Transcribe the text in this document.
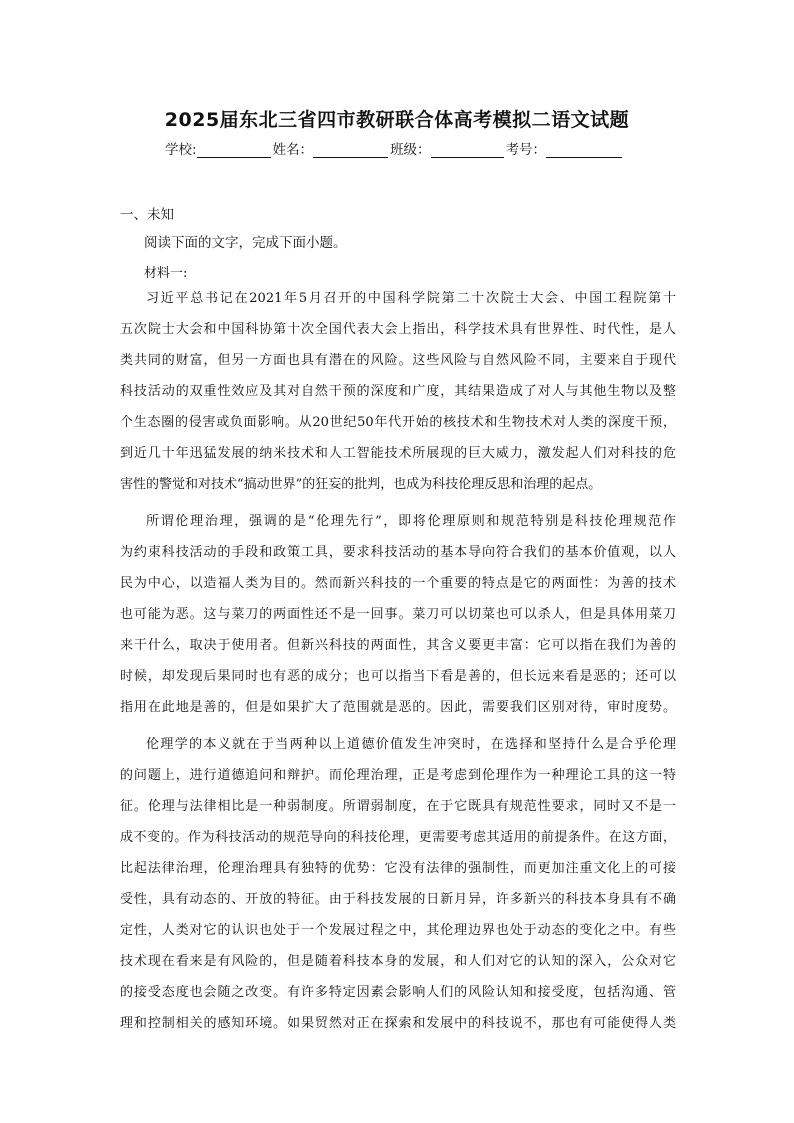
2025届东北三省四市教研联合体高考模拟二语文试题
学校:	姓名：	班级：	考号：
一、未知
阅读下面的文字，完成下面小题。
材料一:
习近平总书记在2021年5月召开的中国科学院第二十次院士大会、中国工程院第十
五次院士大会和中国科协第十次全国代表大会上指出，科学技术具有世界性、时代性，是人
类共同的财富，但另一方面也具有潜在的风险。这些风险与自然风险不同，主要来自于现代
科技活动的双重性效应及其对自然干预的深度和广度，其结果造成了对人与其他生物以及整
个生态圈的侵害或负面影响。从20世纪50年代开始的核技术和生物技术对人类的深度干预，
到近几十年迅猛发展的纳米技术和人工智能技术所展现的巨大威力，激发起人们对科技的危
害性的警觉和对技术“搞动世界”的狂妄的批判，也成为科技伦理反思和治理的起点。
所谓伦理治理，强调的是“伦理先行”，即将伦理原则和规范特别是科技伦理规范作
为约束科技活动的手段和政策工具，要求科技活动的基本导向符合我们的基本价值观，以人
民为中心，以造福人类为目的。然而新兴科技的一个重要的特点是它的两面性：为善的技术
也可能为恶。这与菜刀的两面性还不是一回事。菜刀可以切菜也可以杀人，但是具体用菜刀
来干什么，取决于使用者。但新兴科技的两面性，其含义要更丰富：它可以指在我们为善的
时候，却发现后果同时也有恶的成分；也可以指当下看是善的，但长远来看是恶的；还可以
指用在此地是善的，但是如果扩大了范围就是恶的。因此，需要我们区别对待，审时度势。
伦理学的本义就在于当两种以上道德价值发生冲突时，在选择和坚持什么是合乎伦理
的问题上，进行道德追问和辩护。而伦理治理，正是考虑到伦理作为一种理论工具的这一特
征。伦理与法律相比是一种弱制度。所谓弱制度，在于它既具有规范性要求，同时又不是一
成不变的。作为科技活动的规范导向的科技伦理，更需要考虑其适用的前提条件。在这方面，
比起法律治理，伦理治理具有独特的优势：它没有法律的强制性，而更加注重文化上的可接
受性，具有动态的、开放的特征。由于科技发展的日新月异，许多新兴的科技本身具有不确
定性，人类对它的认识也处于一个发展过程之中，其伦理边界也处于动态的变化之中。有些
技术现在看来是有风险的，但是随着科技本身的发展，和人们对它的认知的深入，公众对它
的接受态度也会随之改变。有许多特定因素会影响人们的风险认知和接受度，包括沟通、管
理和控制相关的感知环境。如果贸然对正在探索和发展中的科技说不，那也有可能使得人类
